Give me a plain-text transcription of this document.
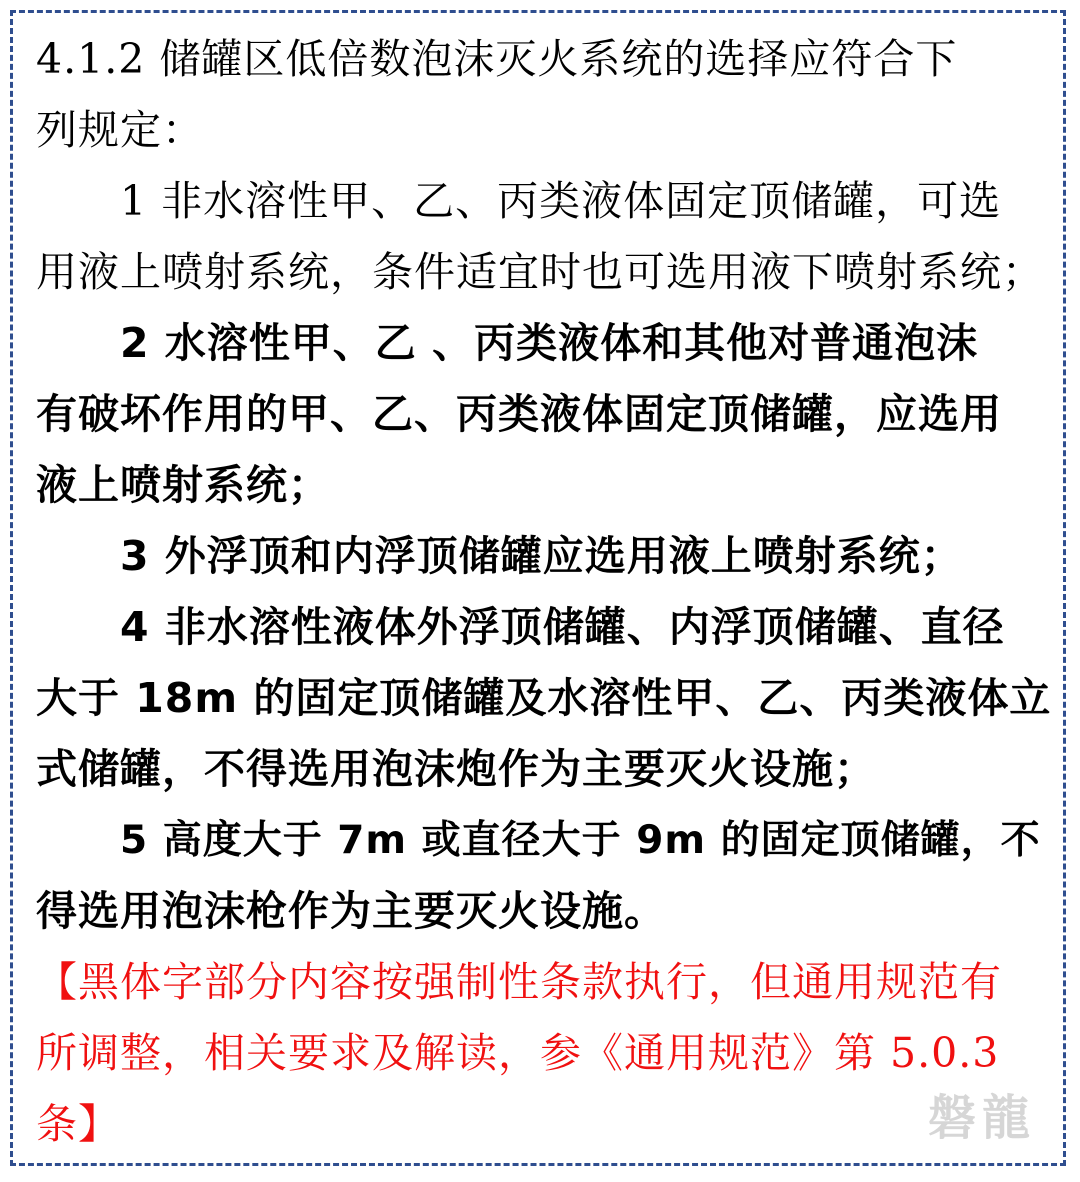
4.1.2 储罐区低倍数泡沫灭火系统的选择应符合下
列规定：
1 非水溶性甲、乙、丙类液体固定顶储罐，可选
用液上喷射系统，条件适宜时也可选用液下喷射系统；
2 水溶性甲、乙 、丙类液体和其他对普通泡沫
有破坏作用的甲、乙、丙类液体固定顶储罐，应选用
液上喷射系统；
3 外浮顶和内浮顶储罐应选用液上喷射系统；
4 非水溶性液体外浮顶储罐、内浮顶储罐、直径
大于 18m 的固定顶储罐及水溶性甲、乙、丙类液体立
式储罐，不得选用泡沫炮作为主要灭火设施；
5 高度大于 7m 或直径大于 9m 的固定顶储罐，不
得选用泡沫枪作为主要灭火设施。
【黑体字部分内容按强制性条款执行，但通用规范有
所调整，相关要求及解读，参《通用规范》第 5.0.3
条】	磐龍
